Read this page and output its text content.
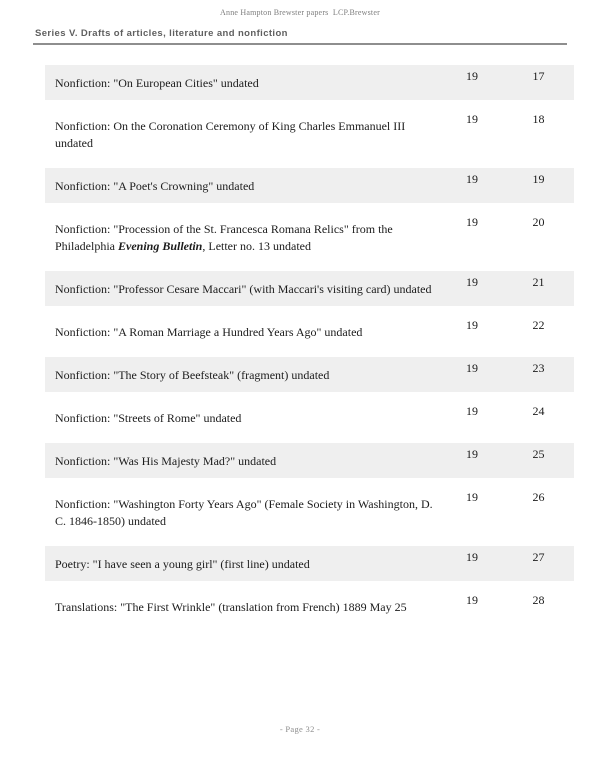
Anne Hampton Brewster papers  LCP.Brewster
Series V. Drafts of articles, literature and nonfiction
Nonfiction: "On European Cities" undated	19	17
Nonfiction: On the Coronation Ceremony of King Charles Emmanuel III undated	19	18
Nonfiction: "A Poet's Crowning" undated	19	19
Nonfiction: "Procession of the St. Francesca Romana Relics" from the Philadelphia Evening Bulletin, Letter no. 13 undated	19	20
Nonfiction: "Professor Cesare Maccari" (with Maccari's visiting card) undated	19	21
Nonfiction: "A Roman Marriage a Hundred Years Ago" undated	19	22
Nonfiction: "The Story of Beefsteak" (fragment) undated	19	23
Nonfiction: "Streets of Rome" undated	19	24
Nonfiction: "Was His Majesty Mad?" undated	19	25
Nonfiction: "Washington Forty Years Ago" (Female Society in Washington, D. C. 1846-1850) undated	19	26
Poetry: "I have seen a young girl" (first line) undated	19	27
Translations: "The First Wrinkle" (translation from French) 1889 May 25	19	28
- Page 32 -
